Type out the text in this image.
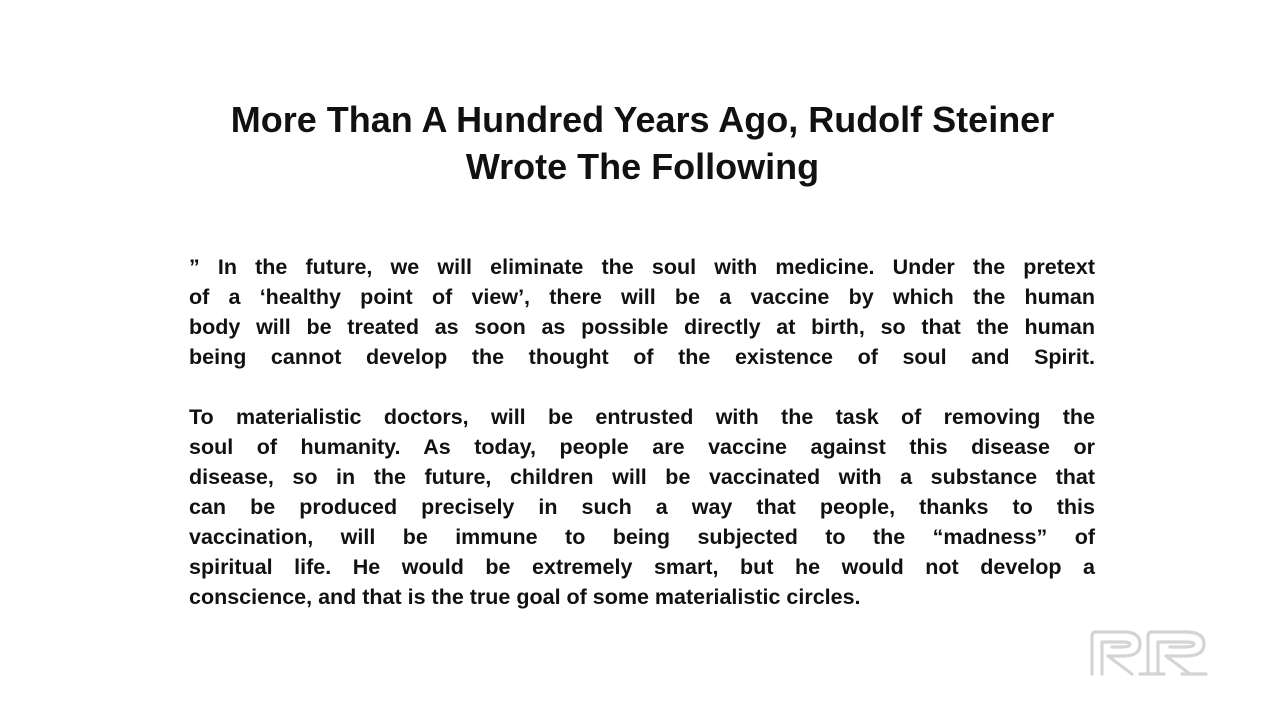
More Than A Hundred Years Ago, Rudolf Steiner
Wrote The Following

” In the future, we will eliminate the soul with medicine. Under the pretext
of a ‘healthy point of view’, there will be a vaccine by which the human
body will be treated as soon as possible directly at birth, so that the human
being cannot develop the thought of the existence of soul and Spirit.

To materialistic doctors, will be entrusted with the task of removing the
soul of humanity. As today, people are vaccine against this disease or
disease, so in the future, children will be vaccinated with a substance that
can be produced precisely in such a way that people, thanks to this
vaccination, will be immune to being subjected to the “madness” of
spiritual life. He would be extremely smart, but he would not develop a
conscience, and that is the true goal of some materialistic circles.
